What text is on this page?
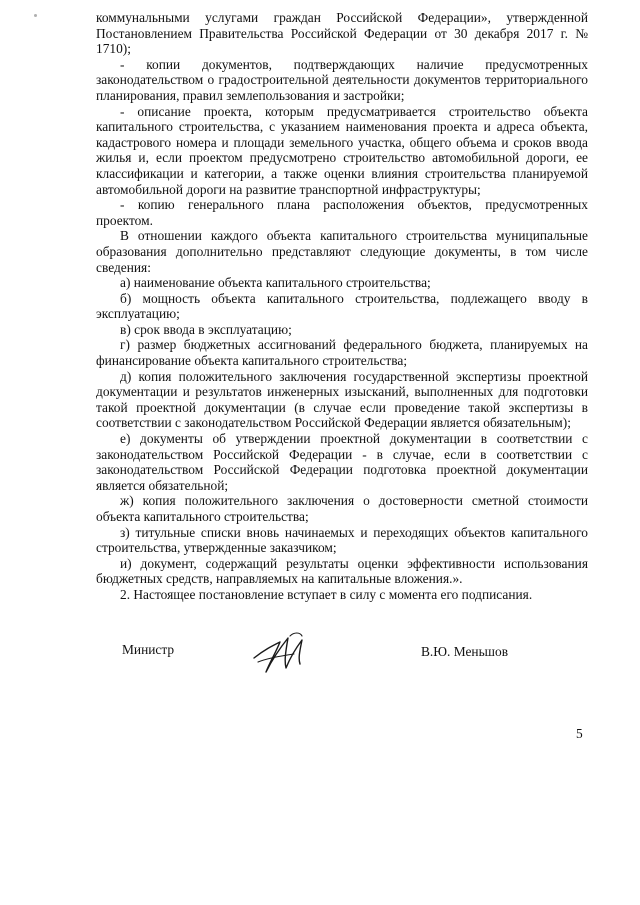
коммунальными услугами граждан Российской Федерации», утвержденной Постановлением Правительства Российской Федерации от 30 декабря 2017 г. № 1710);

- копии документов, подтверждающих наличие предусмотренных законодательством о градостроительной деятельности документов территориального планирования, правил землепользования и застройки;

- описание проекта, которым предусматривается строительство объекта капитального строительства, с указанием наименования проекта и адреса объекта, кадастрового номера и площади земельного участка, общего объема и сроков ввода жилья и, если проектом предусмотрено строительство автомобильной дороги, ее классификации и категории, а также оценки влияния строительства планируемой автомобильной дороги на развитие транспортной инфраструктуры;

- копию генерального плана расположения объектов, предусмотренных проектом.

В отношении каждого объекта капитального строительства муниципальные образования дополнительно представляют следующие документы, в том числе сведения:

а) наименование объекта капитального строительства;

б) мощность объекта капитального строительства, подлежащего вводу в эксплуатацию;

в) срок ввода в эксплуатацию;

г) размер бюджетных ассигнований федерального бюджета, планируемых на финансирование объекта капитального строительства;

д) копия положительного заключения государственной экспертизы проектной документации и результатов инженерных изысканий, выполненных для подготовки такой проектной документации (в случае если проведение такой экспертизы в соответствии с законодательством Российской Федерации является обязательным);

е) документы об утверждении проектной документации в соответствии с законодательством Российской Федерации - в случае, если в соответствии с законодательством Российской Федерации подготовка проектной документации является обязательной;

ж) копия положительного заключения о достоверности сметной стоимости объекта капитального строительства;

з) титульные списки вновь начинаемых и переходящих объектов капитального строительства, утвержденные заказчиком;

и) документ, содержащий результаты оценки эффективности использования бюджетных средств, направляемых на капитальные вложения.».

2. Настоящее постановление вступает в силу с момента его подписания.

Министр	В.Ю. Меньшов
5
